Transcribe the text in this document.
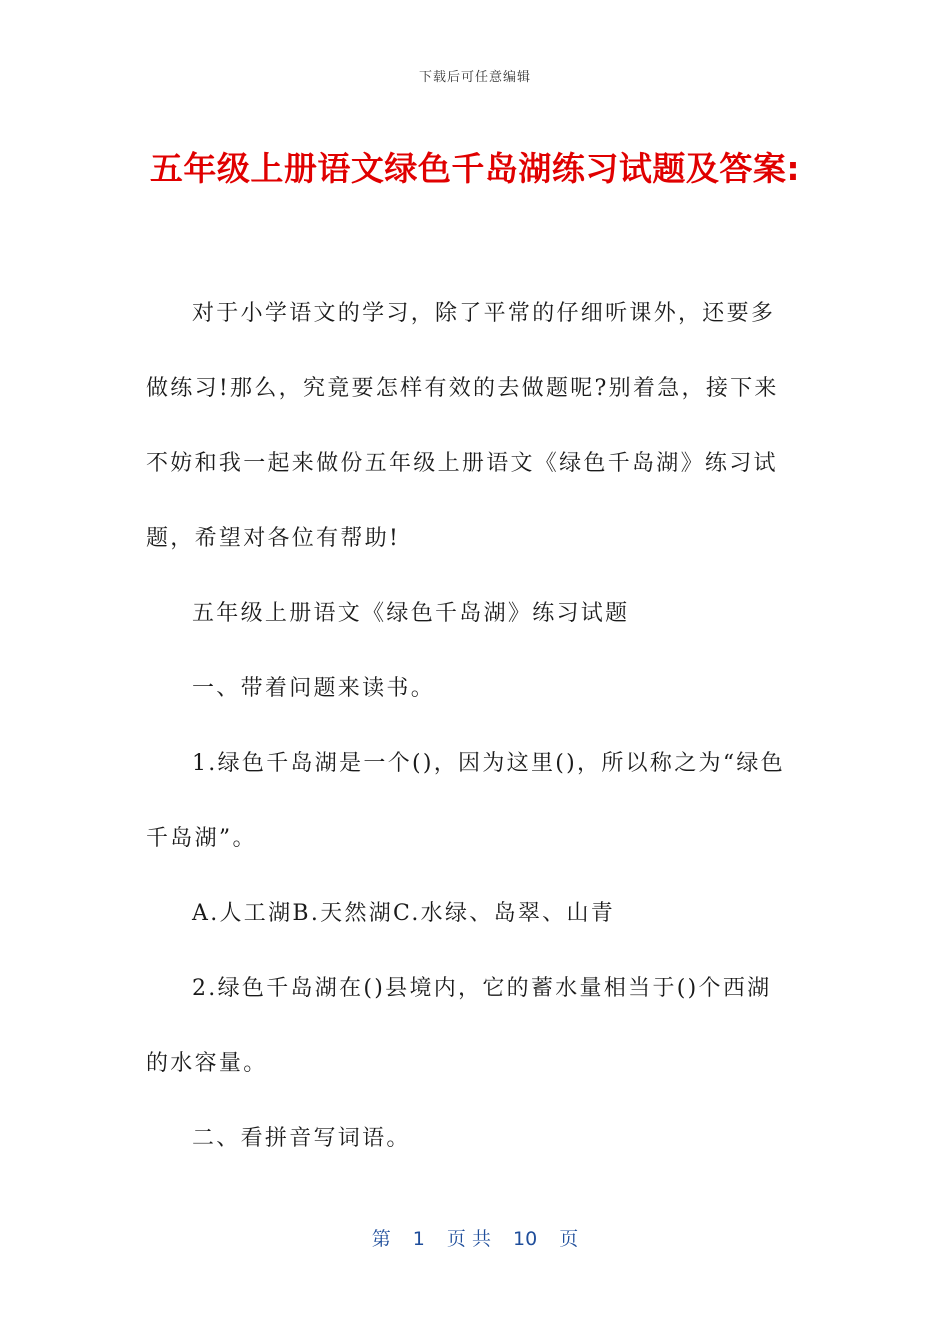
下载后可任意编辑
五年级上册语文绿色千岛湖练习试题及答案:

对于小学语文的学习，除了平常的仔细听课外，还要多做练习!那么，究竟要怎样有效的去做题呢?别着急，接下来不妨和我一起来做份五年级上册语文《绿色千岛湖》练习试题，希望对各位有帮助!

五年级上册语文《绿色千岛湖》练习试题

一、带着问题来读书。

1.绿色千岛湖是一个()，因为这里()，所以称之为“绿色千岛湖”。

A.人工湖B.天然湖C.水绿、岛翠、山青

2.绿色千岛湖在()县境内，它的蓄水量相当于()个西湖的水容量。

二、看拼音写词语。

第 1 页 共 10 页
